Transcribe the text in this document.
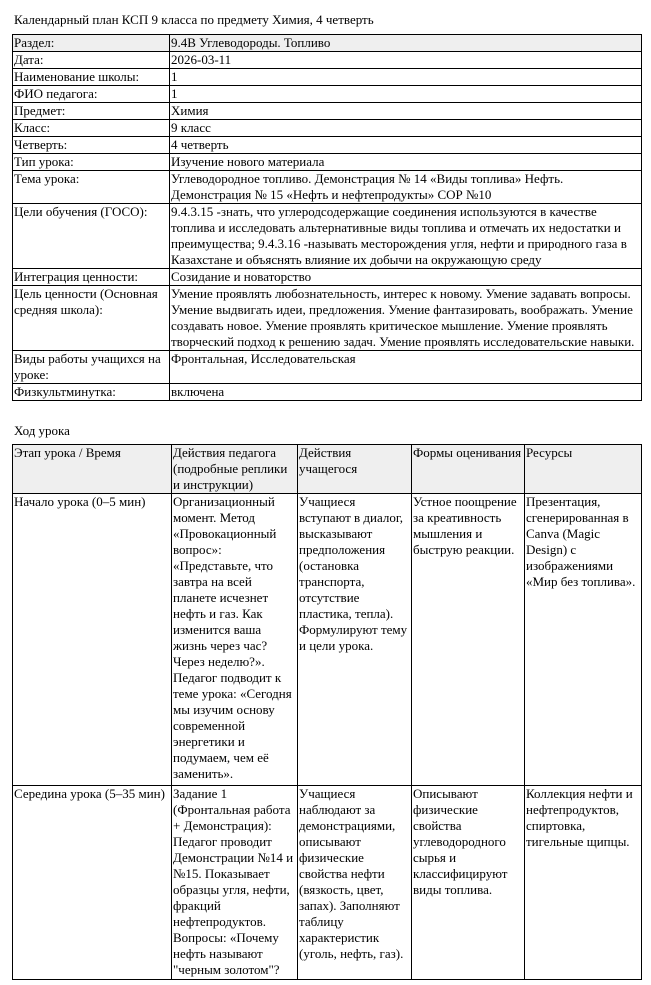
Календарный план КСП 9 класса по предмету Химия, 4 четверть
Раздел:	9.4B Углеводороды. Топливо
Дата:	2026-03-11
Наименование школы:	1
ФИО педагога:	1
Предмет:	Химия
Класс:	9 класс
Четверть:	4 четверть
Тип урока:	Изучение нового материала
Тема урока:	Углеводородное топливо. Демонстрация № 14 «Виды топлива» Нефть. Демонстрация № 15 «Нефть и нефтепродукты» СОР №10
Цели обучения (ГОСО):	9.4.3.15 -знать, что углеродсодержащие соединения используются в качестве топлива и исследовать альтернативные виды топлива и отмечать их недостатки и преимущества; 9.4.3.16 -называть месторождения угля, нефти и природного газа в Казахстане и объяснять влияние их добычи на окружающую среду
Интеграция ценности:	Созидание и новаторство
Цель ценности (Основная средняя школа):	Умение проявлять любознательность, интерес к новому. Умение задавать вопросы. Умение выдвигать идеи, предложения. Умение фантазировать, воображать. Умение создавать новое. Умение проявлять критическое мышление. Умение проявлять творческий подход к решению задач. Умение проявлять исследовательские навыки.
Виды работы учащихся на уроке:	Фронтальная, Исследовательская
Физкультминутка:	включена
Ход урока
Этап урока / Время	Действия педагога (подробные реплики и инструкции)	Действия учащегося	Формы оценивания	Ресурсы
Начало урока (0–5 мин)	Организационный момент. Метод «Провокационный вопрос»: «Представьте, что завтра на всей планете исчезнет нефть и газ. Как изменится ваша жизнь через час? Через неделю?». Педагог подводит к теме урока: «Сегодня мы изучим основу современной энергетики и подумаем, чем её заменить».	Учащиеся вступают в диалог, высказывают предположения (остановка транспорта, отсутствие пластика, тепла). Формулируют тему и цели урока.	Устное поощрение за креативность мышления и быструю реакции.	Презентация, сгенерированная в Canva (Magic Design) с изображениями «Мир без топлива».
Середина урока (5–35 мин)	Задание 1 (Фронтальная работа + Демонстрация): Педагог проводит Демонстрации №14 и №15. Показывает образцы угля, нефти, фракций нефтепродуктов. Вопросы: «Почему нефть называют "черным золотом"?	Учащиеся наблюдают за демонстрациями, описывают физические свойства нефти (вязкость, цвет, запах). Заполняют таблицу характеристик (уголь, нефть, газ).	Описывают физические свойства углеводородного сырья и классифицируют виды топлива.	Коллекция нефти и нефтепродуктов, спиртовка, тигельные щипцы.
